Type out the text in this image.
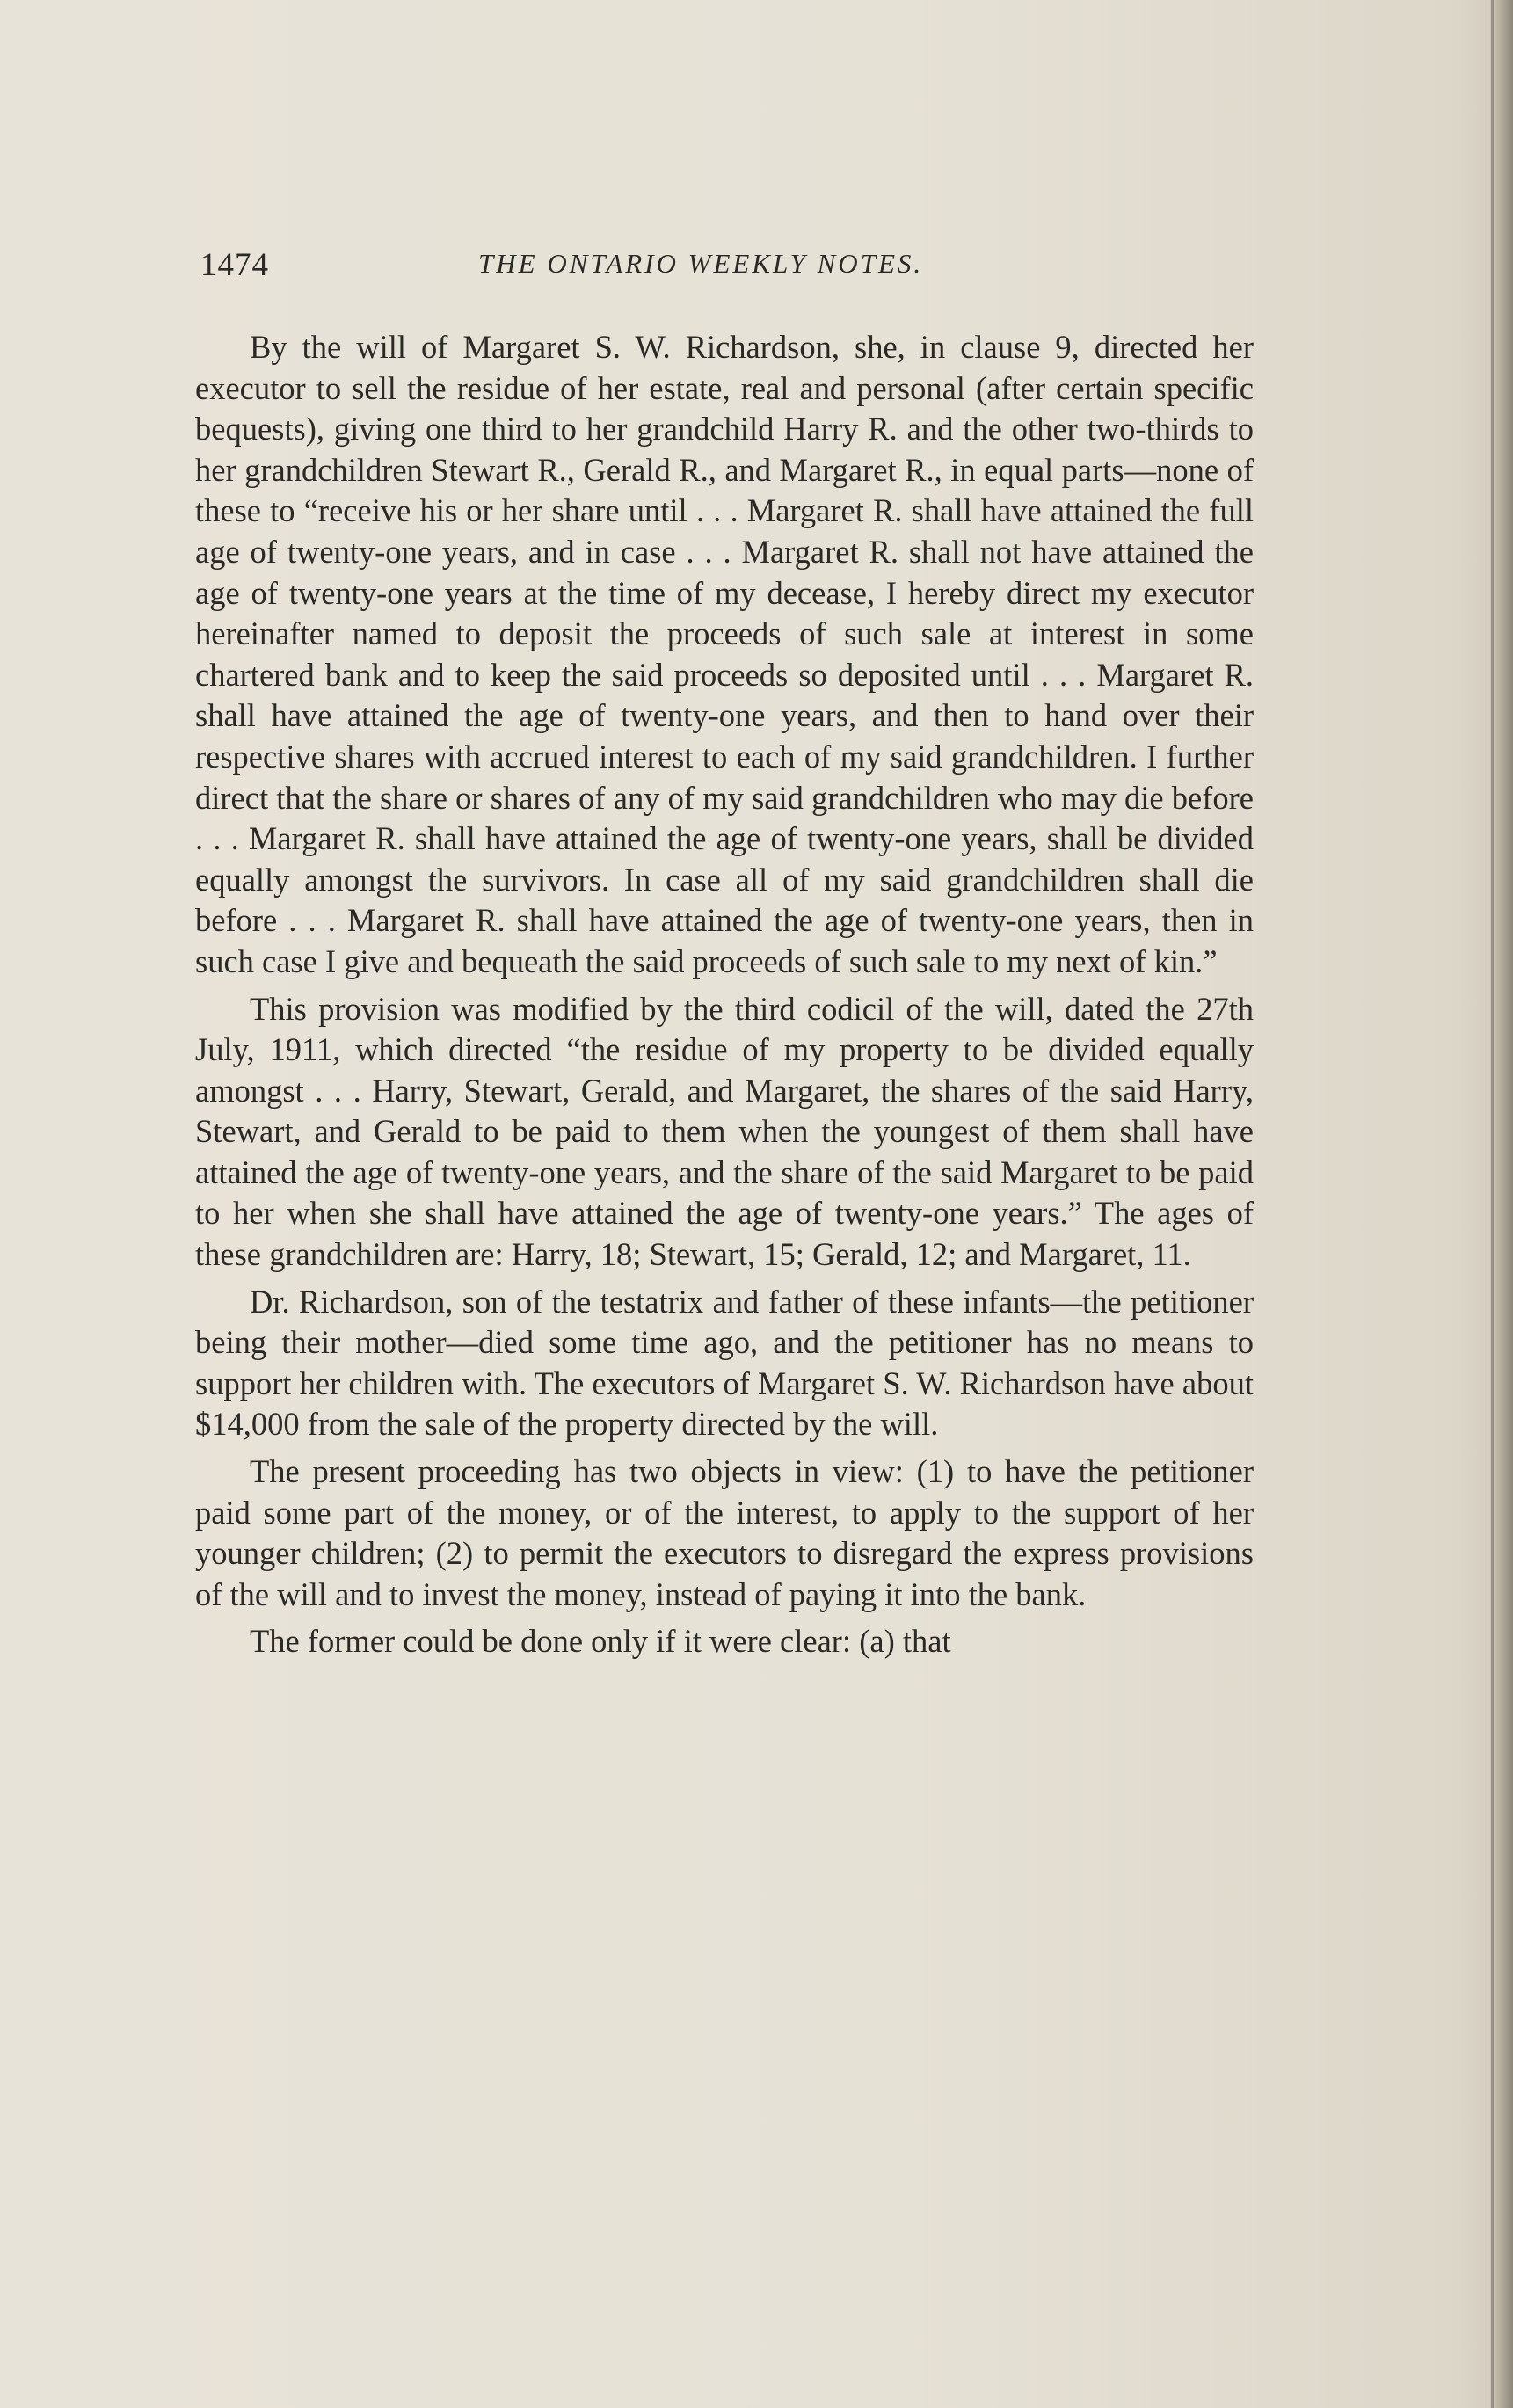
1474	THE ONTARIO WEEKLY NOTES.

By the will of Margaret S. W. Richardson, she, in clause 9, directed her executor to sell the residue of her estate, real and personal (after certain specific bequests), giving one third to her grandchild Harry R. and the other two-thirds to her grandchildren Stewart R., Gerald R., and Margaret R., in equal parts—none of these to “receive his or her share until . . . Margaret R. shall have attained the full age of twenty-one years, and in case . . . Margaret R. shall not have attained the age of twenty-one years at the time of my decease, I hereby direct my executor hereinafter named to deposit the proceeds of such sale at interest in some chartered bank and to keep the said proceeds so deposited until . . . Margaret R. shall have attained the age of twenty-one years, and then to hand over their respective shares with accrued interest to each of my said grandchildren. I further direct that the share or shares of any of my said grandchildren who may die before . . . Margaret R. shall have attained the age of twenty-one years, shall be divided equally amongst the survivors. In case all of my said grandchildren shall die before . . . Margaret R. shall have attained the age of twenty-one years, then in such case I give and bequeath the said proceeds of such sale to my next of kin.”

This provision was modified by the third codicil of the will, dated the 27th July, 1911, which directed “the residue of my property to be divided equally amongst . . . Harry, Stewart, Gerald, and Margaret, the shares of the said Harry, Stewart, and Gerald to be paid to them when the youngest of them shall have attained the age of twenty-one years, and the share of the said Margaret to be paid to her when she shall have attained the age of twenty-one years.” The ages of these grandchildren are: Harry, 18; Stewart, 15; Gerald, 12; and Margaret, 11.

Dr. Richardson, son of the testatrix and father of these infants—the petitioner being their mother—died some time ago, and the petitioner has no means to support her children with. The executors of Margaret S. W. Richardson have about $14,000 from the sale of the property directed by the will.

The present proceeding has two objects in view: (1) to have the petitioner paid some part of the money, or of the interest, to apply to the support of her younger children; (2) to permit the executors to disregard the express provisions of the will and to invest the money, instead of paying it into the bank.

The former could be done only if it were clear: (a) that
